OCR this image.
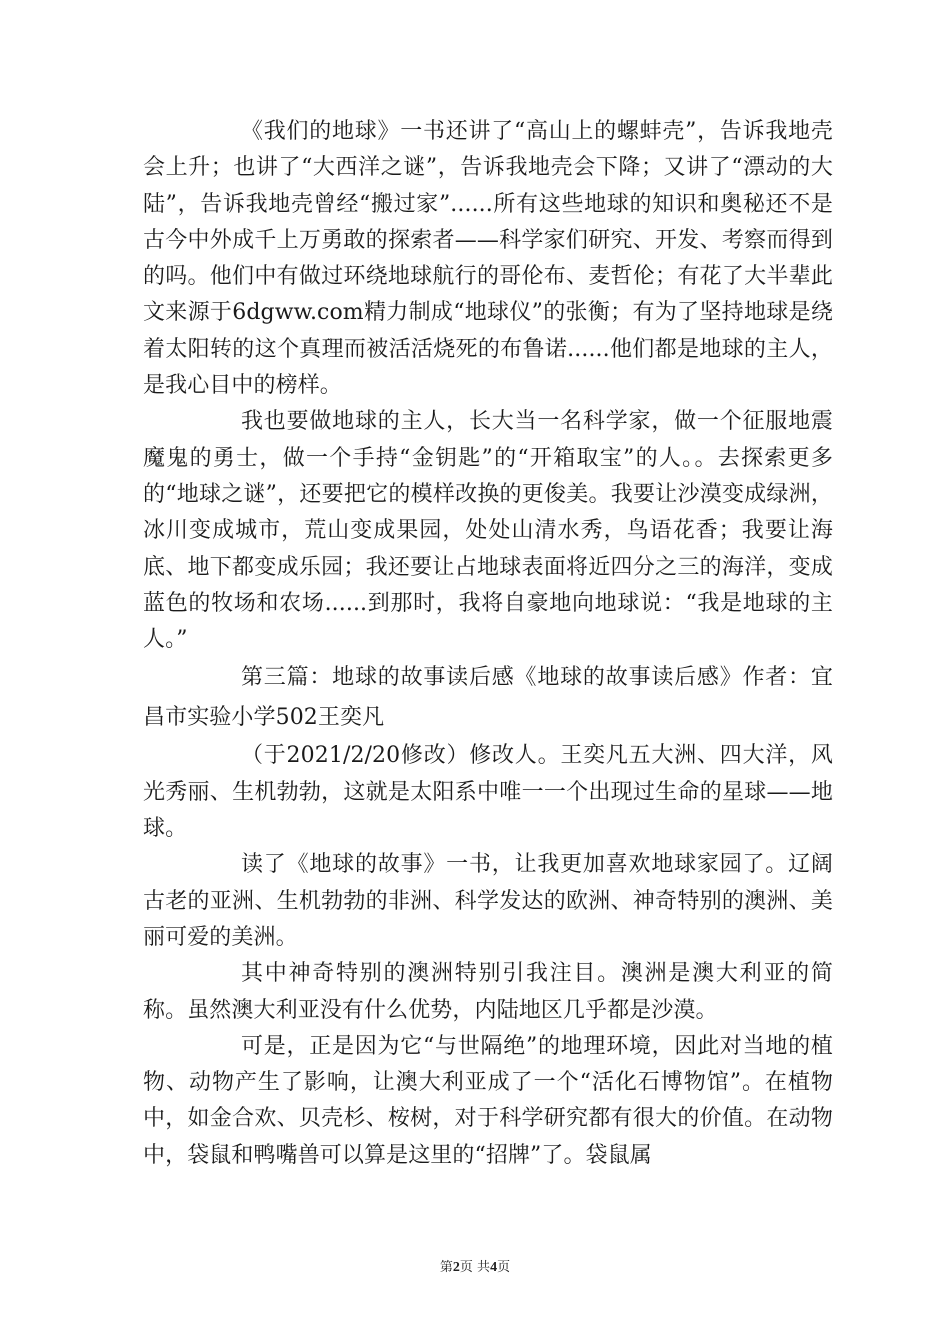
《我们的地球》一书还讲了“高山上的螺蚌壳”，告诉我地壳会上升；也讲了“大西洋之谜”，告诉我地壳会下降；又讲了“漂动的大陆”，告诉我地壳曾经“搬过家”......所有这些地球的知识和奥秘还不是古今中外成千上万勇敢的探索者——科学家们研究、开发、考察而得到的吗。他们中有做过环绕地球航行的哥伦布、麦哲伦；有花了大半辈此文来源于6dgww.com精力制成“地球仪”的张衡；有为了坚持地球是绕着太阳转的这个真理而被活活烧死的布鲁诺......他们都是地球的主人，是我心目中的榜样。

我也要做地球的主人，长大当一名科学家，做一个征服地震魔鬼的勇士，做一个手持“金钥匙”的“开箱取宝”的人。。去探索更多的“地球之谜”，还要把它的模样改换的更俊美。我要让沙漠变成绿洲，冰川变成城市，荒山变成果园，处处山清水秀，鸟语花香；我要让海底、地下都变成乐园；我还要让占地球表面将近四分之三的海洋，变成蓝色的牧场和农场......到那时，我将自豪地向地球说：“我是地球的主人。”

第三篇：地球的故事读后感《地球的故事读后感》作者：宜昌市实验小学502王奕凡

（于2021/2/20修改）修改人。王奕凡五大洲、四大洋，风光秀丽、生机勃勃，这就是太阳系中唯一一个出现过生命的星球——地球。

读了《地球的故事》一书，让我更加喜欢地球家园了。辽阔古老的亚洲、生机勃勃的非洲、科学发达的欧洲、神奇特别的澳洲、美丽可爱的美洲。

其中神奇特别的澳洲特别引我注目。澳洲是澳大利亚的简称。虽然澳大利亚没有什么优势，内陆地区几乎都是沙漠。

可是，正是因为它“与世隔绝”的地理环境，因此对当地的植物、动物产生了影响，让澳大利亚成了一个“活化石博物馆”。在植物中，如金合欢、贝壳杉、桉树，对于科学研究都有很大的价值。在动物中，袋鼠和鸭嘴兽可以算是这里的“招牌”了。袋鼠属

第2页 共4页
